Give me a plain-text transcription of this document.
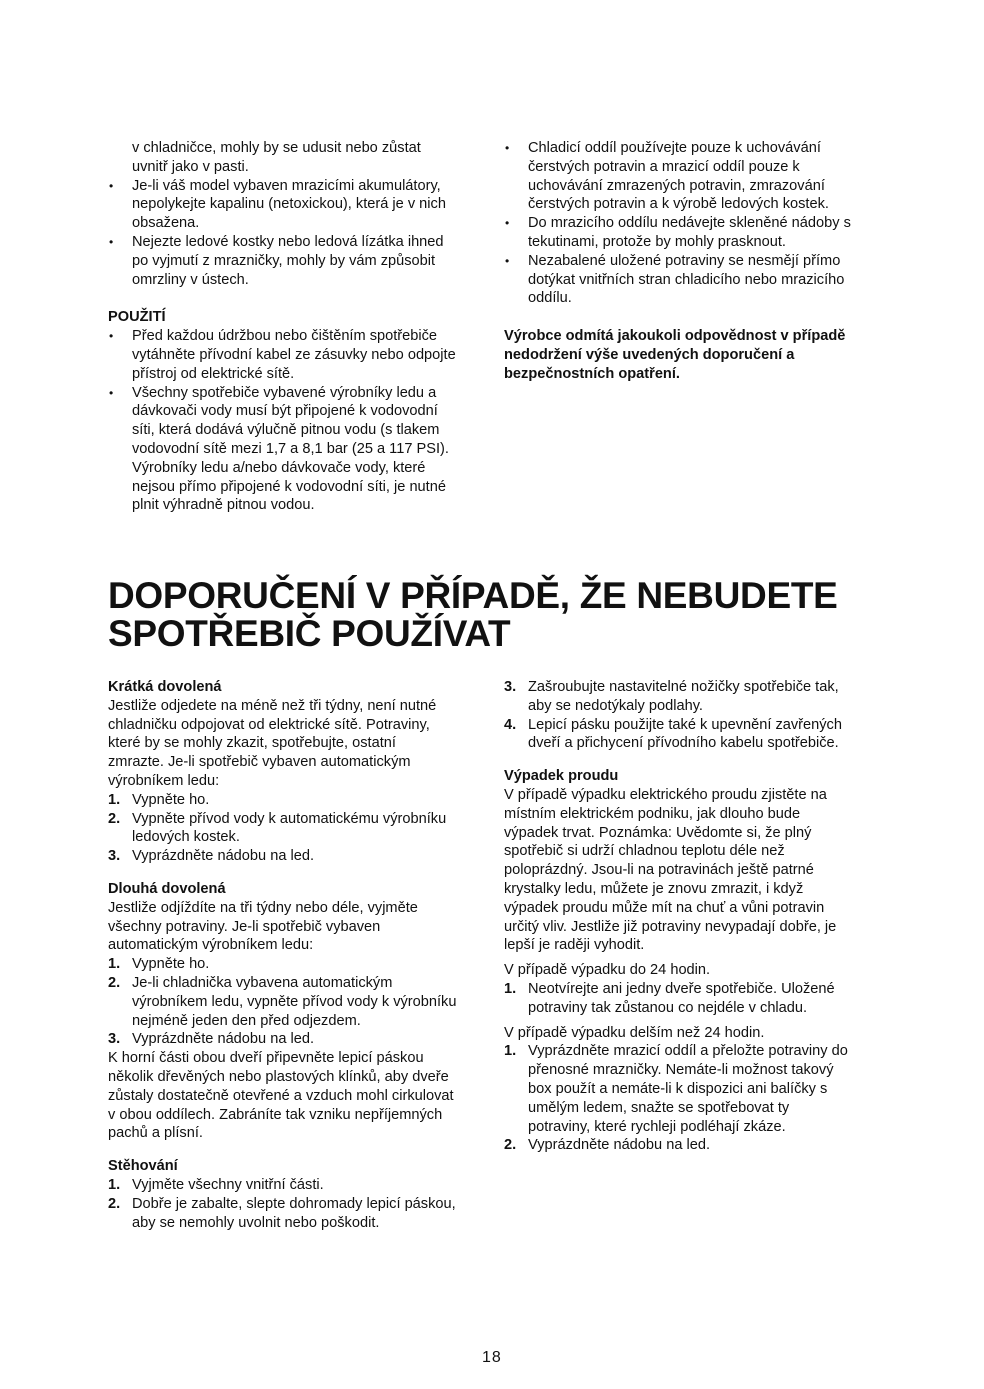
v chladničce, mohly by se udusit nebo zůstat
uvnitř jako v pasti.
• Je-li váš model vybaven mrazicími akumulátory,
nepolykejte kapalinu (netoxickou), která je v nich
obsažena.
• Nejezte ledové kostky nebo ledová lízátka ihned
po vyjmutí z mrazničky, mohly by vám způsobit
omrzliny v ústech.
POUŽITÍ
• Před každou údržbou nebo čištěním spotřebiče
vytáhněte přívodní kabel ze zásuvky nebo odpojte
přístroj od elektrické sítě.
• Všechny spotřebiče vybavené výrobníky ledu a
dávkovači vody musí být připojené k vodovodní
síti, která dodává výlučně pitnou vodu (s tlakem
vodovodní sítě mezi 1,7 a 8,1 bar (25 a 117 PSI).
Výrobníky ledu a/nebo dávkovače vody, které
nejsou přímo připojené k vodovodní síti, je nutné
plnit výhradně pitnou vodou.
• Chladicí oddíl používejte pouze k uchovávání
čerstvých potravin a mrazicí oddíl pouze k
uchovávání zmrazených potravin, zmrazování
čerstvých potravin a k výrobě ledových kostek.
• Do mrazicího oddílu nedávejte skleněné nádoby s
tekutinami, protože by mohly prasknout.
• Nezabalené uložené potraviny se nesmějí přímo
dotýkat vnitřních stran chladicího nebo mrazicího
oddílu.
Výrobce odmítá jakoukoli odpovědnost v případě
nedodržení výše uvedených doporučení a
bezpečnostních opatření.
DOPORUČENÍ V PŘÍPADĚ, ŽE NEBUDETE
SPOTŘEBIČ POUŽÍVAT
Krátká dovolená
Jestliže odjedete na méně než tři týdny, není nutné
chladničku odpojovat od elektrické sítě. Potraviny,
které by se mohly zkazit, spotřebujte, ostatní
zmrazte. Je-li spotřebič vybaven automatickým
výrobníkem ledu:
1. Vypněte ho.
2. Vypněte přívod vody k automatickému výrobníku
ledových kostek.
3. Vyprázdněte nádobu na led.
Dlouhá dovolená
Jestliže odjíždíte na tři týdny nebo déle, vyjměte
všechny potraviny. Je-li spotřebič vybaven
automatickým výrobníkem ledu:
1. Vypněte ho.
2. Je-li chladnička vybavena automatickým
výrobníkem ledu, vypněte přívod vody k výrobníku
nejméně jeden den před odjezdem.
3. Vyprázdněte nádobu na led.
K horní části obou dveří připevněte lepicí páskou
několik dřevěných nebo plastových klínků, aby dveře
zůstaly dostatečně otevřené a vzduch mohl cirkulovat
v obou oddílech. Zabráníte tak vzniku nepříjemných
pachů a plísní.
Stěhování
1. Vyjměte všechny vnitřní části.
2. Dobře je zabalte, slepte dohromady lepicí páskou,
aby se nemohly uvolnit nebo poškodit.
3. Zašroubujte nastavitelné nožičky spotřebiče tak,
aby se nedotýkaly podlahy.
4. Lepicí pásku použijte také k upevnění zavřených
dveří a přichycení přívodního kabelu spotřebiče.
Výpadek proudu
V případě výpadku elektrického proudu zjistěte na
místním elektrickém podniku, jak dlouho bude
výpadek trvat. Poznámka: Uvědomte si, že plný
spotřebič si udrží chladnou teplotu déle než
poloprázdný. Jsou-li na potravinách ještě patrné
krystalky ledu, můžete je znovu zmrazit, i když
výpadek proudu může mít na chuť a vůni potravin
určitý vliv. Jestliže již potraviny nevypadají dobře, je
lepší je raději vyhodit.
V případě výpadku do 24 hodin.
1. Neotvírejte ani jedny dveře spotřebiče. Uložené
potraviny tak zůstanou co nejdéle v chladu.
V případě výpadku delším než 24 hodin.
1. Vyprázdněte mrazicí oddíl a přeložte potraviny do
přenosné mrazničky. Nemáte-li možnost takový
box použít a nemáte-li k dispozici ani balíčky s
umělým ledem, snažte se spotřebovat ty
potraviny, které rychleji podléhají zkáze.
2. Vyprázdněte nádobu na led.
18
